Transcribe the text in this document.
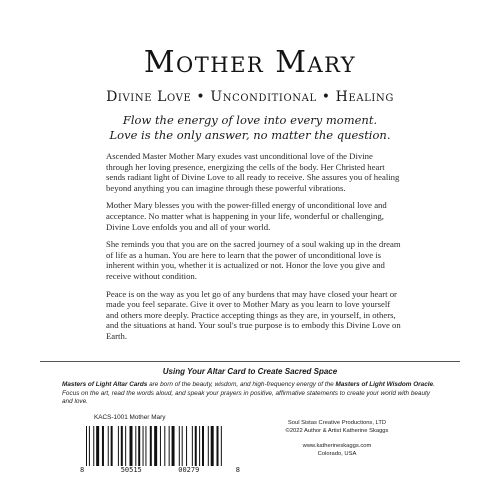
Mother Mary
Divine Love • Unconditional • Healing
Flow the energy of love into every moment.
Love is the only answer, no matter the question.

Ascended Master Mother Mary exudes vast unconditional love of the Divine through her loving presence, energizing the cells of the body. Her Christed heart sends radiant light of Divine Love to all ready to receive. She assures you of healing beyond anything you can imagine through these powerful vibrations.

Mother Mary blesses you with the power-filled energy of unconditional love and acceptance. No matter what is happening in your life, wonderful or challenging, Divine Love enfolds you and all of your world.

She reminds you that you are on the sacred journey of a soul waking up in the dream of life as a human. You are here to learn that the power of unconditional love is inherent within you, whether it is actualized or not. Honor the love you give and receive without condition.

Peace is on the way as you let go of any burdens that may have closed your heart or made you feel separate. Give it over to Mother Mary as you learn to love yourself and others more deeply. Practice accepting things as they are, in yourself, in others, and the situations at hand. Your soul's true purpose is to embody this Divine Love on Earth.

Using Your Altar Card to Create Sacred Space
Masters of Light Altar Cards are born of the beauty, wisdom, and high-frequency energy of the Masters of Light Wisdom Oracle. Focus on the art, read the words aloud, and speak your prayers in positive, affirmative statements to create your world with beauty and love.
KACS-1001 Mother Mary
8	50515	00279	8
Soul Sistas Creative Productions, LTD
©2022 Author & Artist Katherine Skaggs
www.katherineskaggs.com
Colorado, USA
